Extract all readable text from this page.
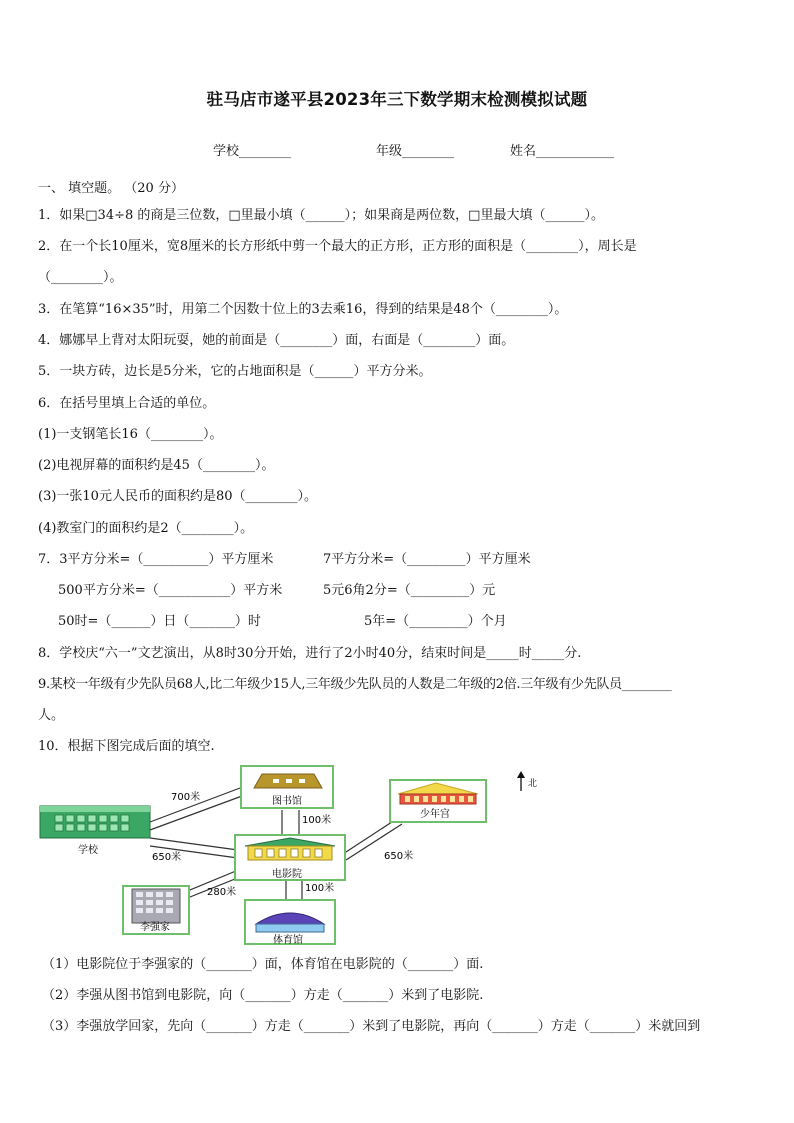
驻马店市遂平县2023年三下数学期末检测模拟试题
学校________	年级________	姓名____________
一、 填空题。 （20 分）
1．如果□34÷8 的商是三位数，□里最小填（______）；如果商是两位数，□里最大填（______）。
2．在一个长10厘米，宽8厘米的长方形纸中剪一个最大的正方形，正方形的面积是（________），周长是
（________）。
3．在笔算“16×35”时，用第二个因数十位上的3去乘16，得到的结果是48个（________）。
4．娜娜早上背对太阳玩耍，她的前面是（________）面，右面是（________）面。
5．一块方砖，边长是5分米，它的占地面积是（______）平方分米。
6．在括号里填上合适的单位。
(1)一支钢笔长16（________）。
(2)电视屏幕的面积约是45（________）。
(3)一张10元人民币的面积约是80（________）。
(4)教室门的面积约是2（________）。
7．3平方分米=（__________）平方厘米	7平方分米=（_________）平方厘米
500平方分米=（___________）平方米	5元6角2分=（_________）元
50时=（______）日（_______）时	5年=（_________）个月
8．学校庆“六一”文艺演出，从8时30分开始，进行了2小时40分，结束时间是_____时_____分.
9.某校一年级有少先队员68人,比二年级少15人,三年级少先队员的人数是二年级的2倍.三年级有少先队员________
人。
10．根据下图完成后面的填空.
学校
图书馆
少年宫
电影院
李强家
体育馆
700米
650米
100米
650米
280米	100米
北
（1）电影院位于李强家的（_______）面，体育馆在电影院的（_______）面.
（2）李强从图书馆到电影院，向（_______）方走（_______）米到了电影院.
（3）李强放学回家，先向（_______）方走（_______）米到了电影院，再向（_______）方走（_______）米就回到
